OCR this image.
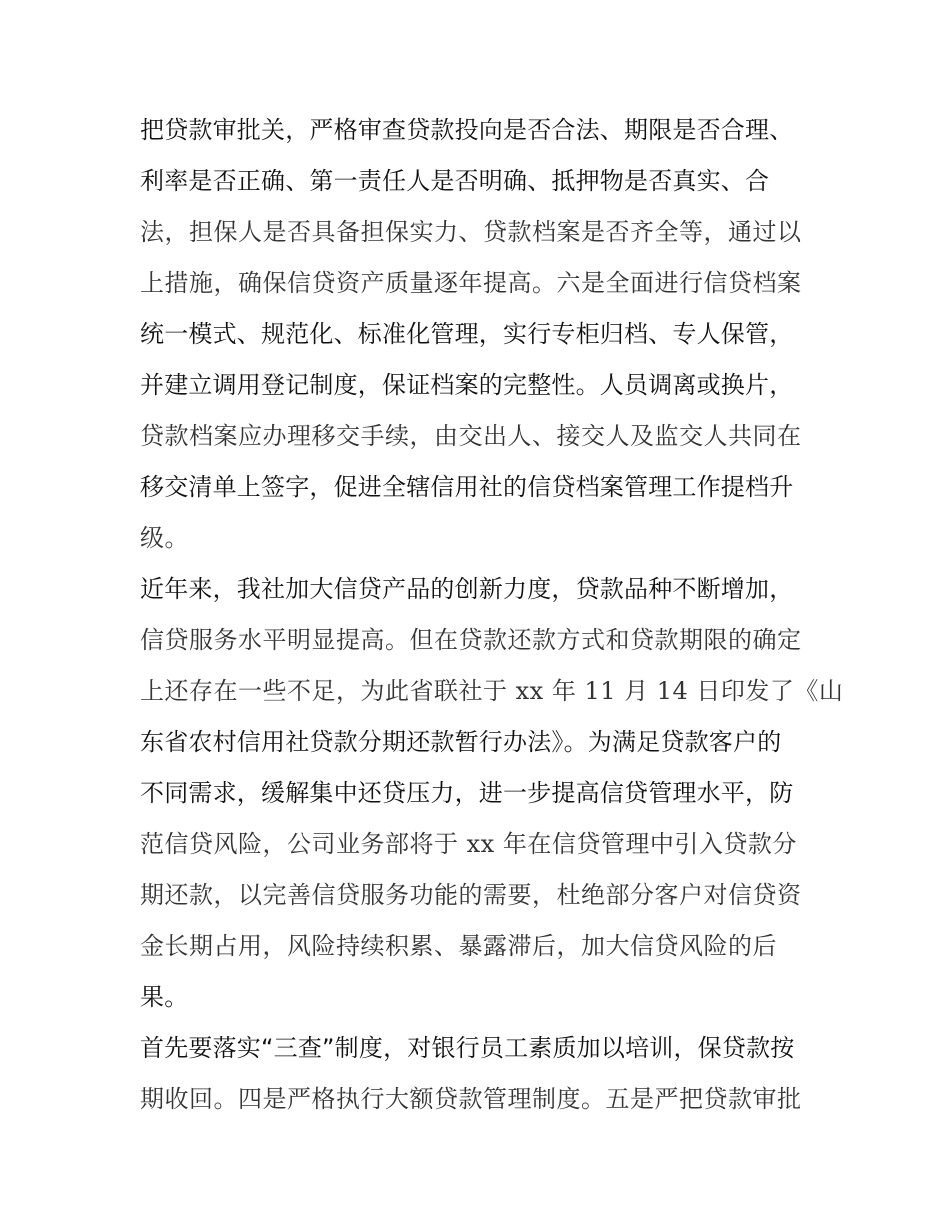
把贷款审批关，严格审查贷款投向是否合法、期限是否合理、
利率是否正确、第一责任人是否明确、抵押物是否真实、合
法，担保人是否具备担保实力、贷款档案是否齐全等，通过以
上措施，确保信贷资产质量逐年提高。六是全面进行信贷档案
统一模式、规范化、标准化管理，实行专柜归档、专人保管，
并建立调用登记制度，保证档案的完整性。人员调离或换片，
贷款档案应办理移交手续，由交出人、接交人及监交人共同在
移交清单上签字，促进全辖信用社的信贷档案管理工作提档升
级。
近年来，我社加大信贷产品的创新力度，贷款品种不断增加，
信贷服务水平明显提高。但在贷款还款方式和贷款期限的确定
上还存在一些不足，为此省联社于 xx 年 11 月 14 日印发了《山
东省农村信用社贷款分期还款暂行办法》。为满足贷款客户的
不同需求，缓解集中还贷压力，进一步提高信贷管理水平，防
范信贷风险，公司业务部将于 xx 年在信贷管理中引入贷款分
期还款，以完善信贷服务功能的需要，杜绝部分客户对信贷资
金长期占用，风险持续积累、暴露滞后，加大信贷风险的后
果。
首先要落实“三查”制度，对银行员工素质加以培训，保贷款按
期收回。四是严格执行大额贷款管理制度。五是严把贷款审批
